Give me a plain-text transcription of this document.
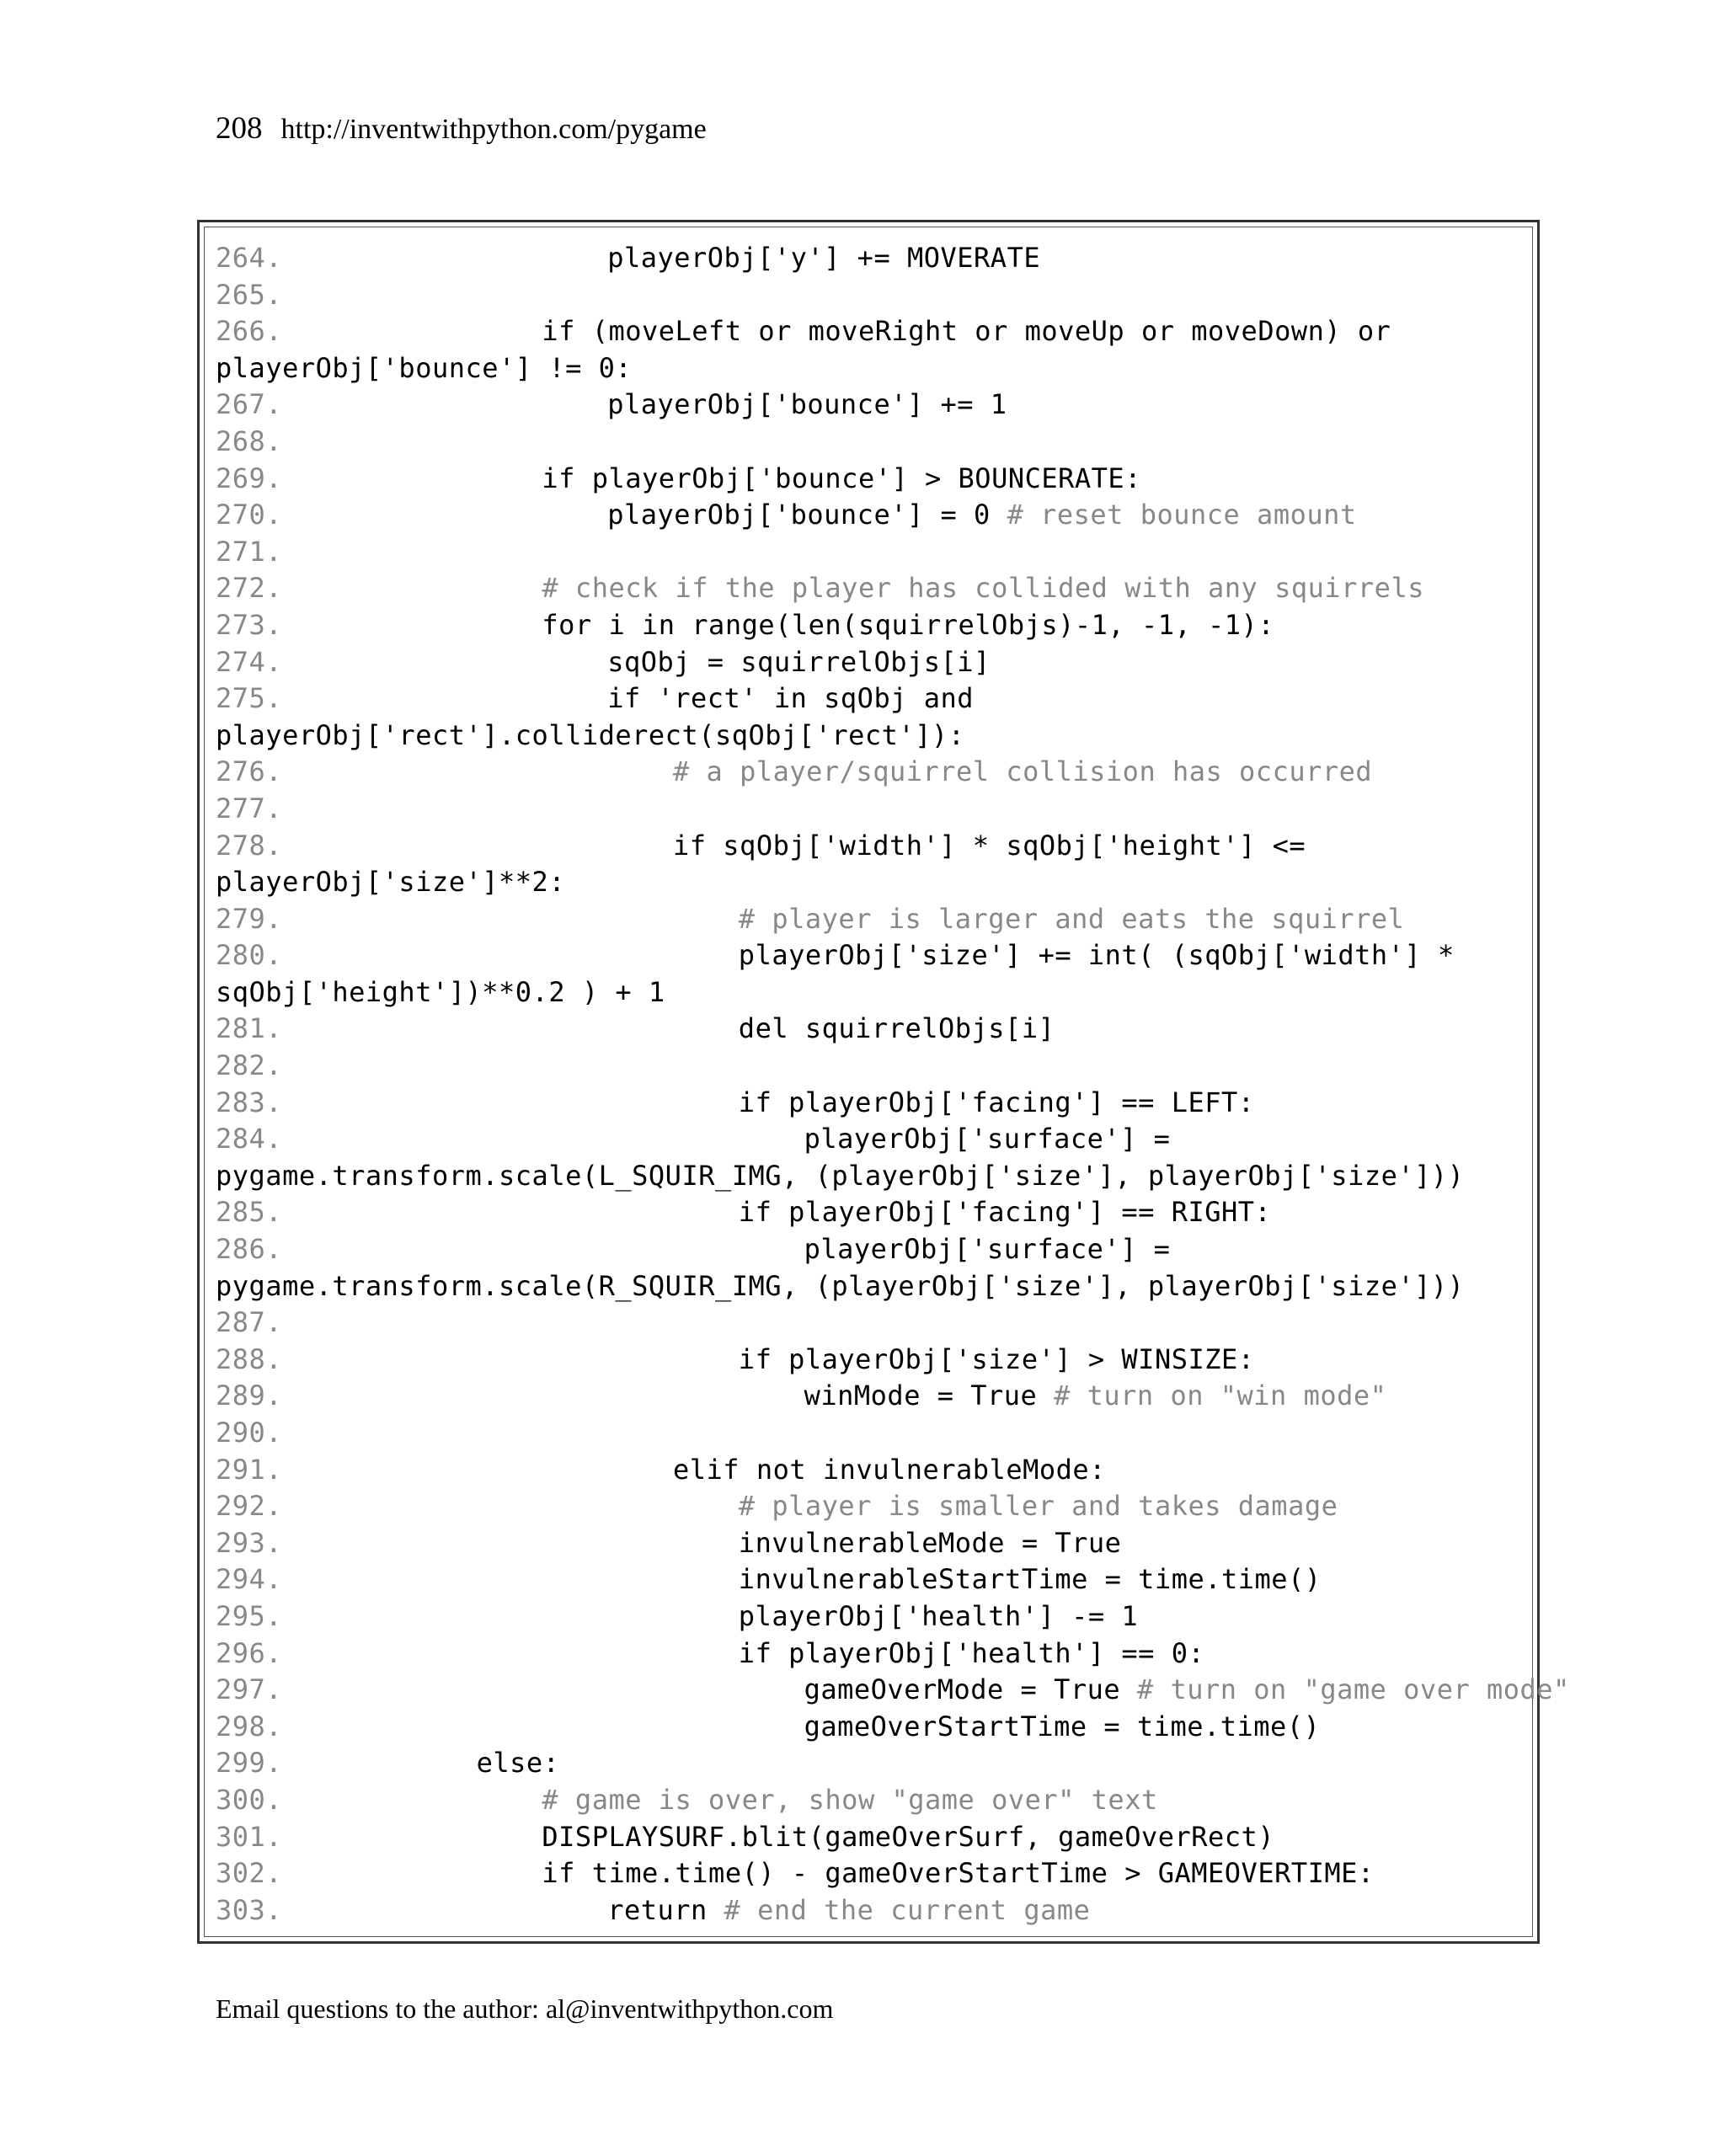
208 http://inventwithpython.com/pygame
264.	playerObj['y'] += MOVERATE
265.
266.	if (moveLeft or moveRight or moveUp or moveDown) or
playerObj['bounce'] != 0:
267.	playerObj['bounce'] += 1
268.
269.	if playerObj['bounce'] > BOUNCERATE:
270.	playerObj['bounce'] = 0 # reset bounce amount
271.
272.	# check if the player has collided with any squirrels
273.	for i in range(len(squirrelObjs)-1, -1, -1):
274.	sqObj = squirrelObjs[i]
275.	if 'rect' in sqObj and
playerObj['rect'].colliderect(sqObj['rect']):
276.	# a player/squirrel collision has occurred
277.
278.	if sqObj['width'] * sqObj['height'] <=
playerObj['size']**2:
279.	# player is larger and eats the squirrel
280.	playerObj['size'] += int( (sqObj['width'] *
sqObj['height'])**0.2 ) + 1
281.	del squirrelObjs[i]
282.
283.	if playerObj['facing'] == LEFT:
284.	playerObj['surface'] =
pygame.transform.scale(L_SQUIR_IMG, (playerObj['size'], playerObj['size']))
285.	if playerObj['facing'] == RIGHT:
286.	playerObj['surface'] =
pygame.transform.scale(R_SQUIR_IMG, (playerObj['size'], playerObj['size']))
287.
288.	if playerObj['size'] > WINSIZE:
289.	winMode = True # turn on "win mode"
290.
291.	elif not invulnerableMode:
292.	# player is smaller and takes damage
293.	invulnerableMode = True
294.	invulnerableStartTime = time.time()
295.	playerObj['health'] -= 1
296.	if playerObj['health'] == 0:
297.	gameOverMode = True # turn on "game over mode"
298.	gameOverStartTime = time.time()
299.	else:
300.	# game is over, show "game over" text
301.	DISPLAYSURF.blit(gameOverSurf, gameOverRect)
302.	if time.time() - gameOverStartTime > GAMEOVERTIME:
303.	return # end the current game
Email questions to the author: al@inventwithpython.com
